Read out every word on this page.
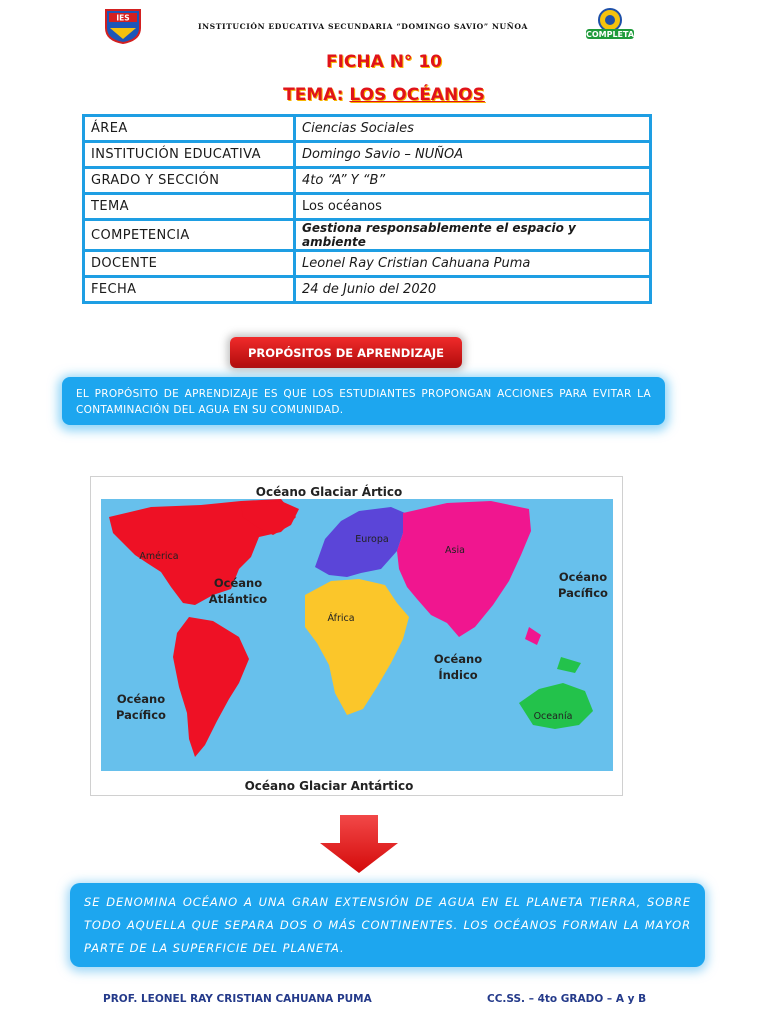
IES
INSTITUCIÓN EDUCATIVA SECUNDARIA “DOMINGO SAVIO” NUÑOA
COMPLETA
FICHA N° 10
TEMA: LOS OCÉANOS
ÁREA	Ciencias Sociales
INSTITUCIÓN EDUCATIVA	Domingo Savio – NUÑOA
GRADO Y SECCIÓN	4to “A” Y “B”
TEMA	Los océanos
COMPETENCIA	Gestiona responsablemente el espacio y ambiente
DOCENTE	Leonel Ray Cristian Cahuana Puma
FECHA	24 de Junio del 2020
PROPÓSITOS DE APRENDIZAJE
EL PROPÓSITO DE APRENDIZAJE ES QUE LOS ESTUDIANTES PROPONGAN ACCIONES PARA EVITAR LA CONTAMINACIÓN DEL AGUA EN SU COMUNIDAD.
Océano Glaciar Ártico
Océano Glaciar Antártico
Océano
Atlántico
Océano
Pacífico
Océano
Pacífico
Océano
Índico
América
Europa
Asia
África
Oceanía
SE DENOMINA OCÉANO A UNA GRAN EXTENSIÓN DE AGUA EN EL PLANETA TIERRA, SOBRE TODO AQUELLA QUE SEPARA DOS O MÁS CONTINENTES. LOS OCÉANOS FORMAN LA MAYOR PARTE DE LA SUPERFICIE DEL PLANETA.
PROF. LEONEL RAY CRISTIAN CAHUANA PUMA	CC.SS. – 4to GRADO – A y B
